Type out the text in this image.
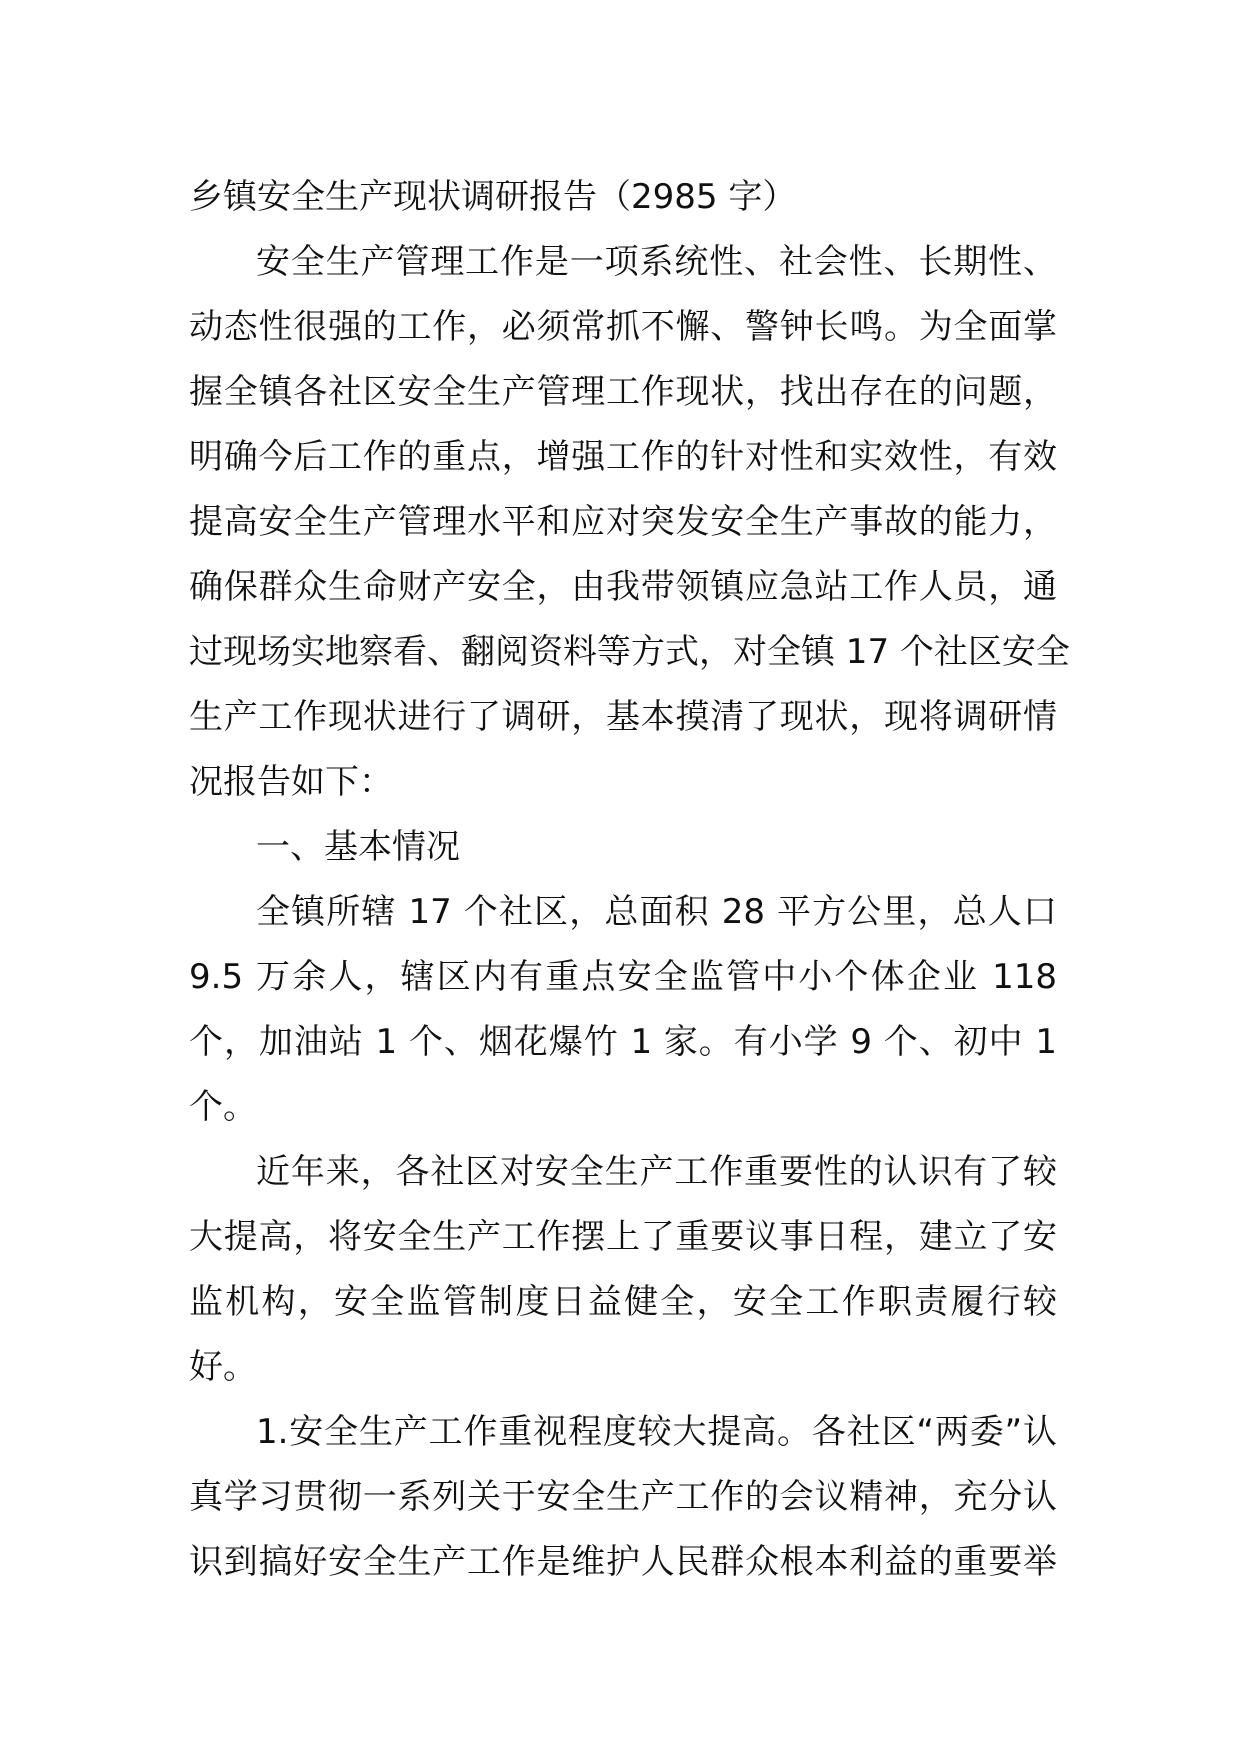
乡镇安全生产现状调研报告（2985 字）
安全生产管理工作是一项系统性、社会性、长期性、
动态性很强的工作，必须常抓不懈、警钟长鸣。为全面掌
握全镇各社区安全生产管理工作现状，找出存在的问题，
明确今后工作的重点，增强工作的针对性和实效性，有效
提高安全生产管理水平和应对突发安全生产事故的能力，
确保群众生命财产安全，由我带领镇应急站工作人员，通
过现场实地察看、翻阅资料等方式，对全镇 17 个社区安全
生产工作现状进行了调研，基本摸清了现状，现将调研情
况报告如下：
一、基本情况
全镇所辖 17 个社区，总面积 28 平方公里，总人口
9.5 万余人，辖区内有重点安全监管中小个体企业 118
个，加油站 1 个、烟花爆竹 1 家。有小学 9 个、初中 1
个。
近年来，各社区对安全生产工作重要性的认识有了较
大提高，将安全生产工作摆上了重要议事日程，建立了安
监机构，安全监管制度日益健全，安全工作职责履行较
好。
1.安全生产工作重视程度较大提高。各社区“两委”认
真学习贯彻一系列关于安全生产工作的会议精神，充分认
识到搞好安全生产工作是维护人民群众根本利益的重要举
